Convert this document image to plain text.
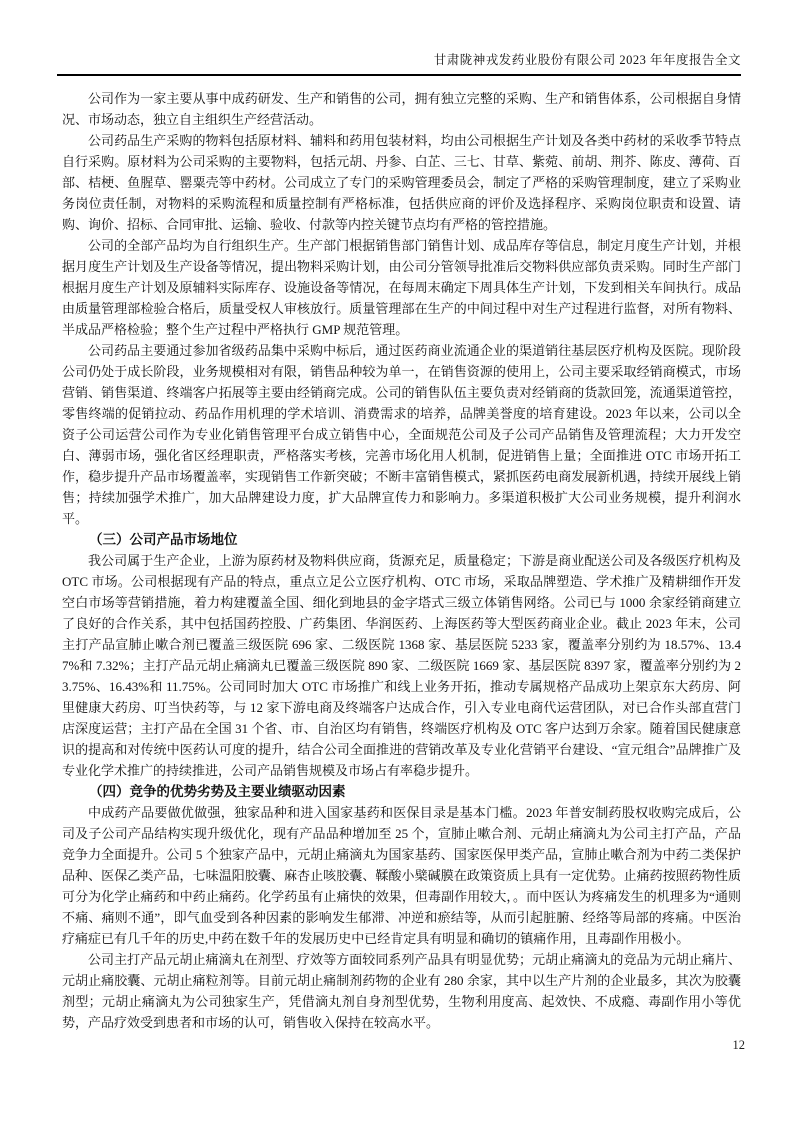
甘肃陇神戎发药业股份有限公司 2023 年年度报告全文

公司作为一家主要从事中成药研发、生产和销售的公司，拥有独立完整的采购、生产和销售体系，公司根据自身情况、市场动态，独立自主组织生产经营活动。

公司药品生产采购的物料包括原材料、辅料和药用包装材料，均由公司根据生产计划及各类中药材的采收季节特点自行采购。原材料为公司采购的主要物料，包括元胡、丹参、白芷、三七、甘草、紫菀、前胡、荆芥、陈皮、薄荷、百部、桔梗、鱼腥草、罂粟壳等中药材。公司成立了专门的采购管理委员会，制定了严格的采购管理制度，建立了采购业务岗位责任制，对物料的采购流程和质量控制有严格标准，包括供应商的评价及选择程序、采购岗位职责和设置、请购、询价、招标、合同审批、运输、验收、付款等内控关键节点均有严格的管控措施。

公司的全部产品均为自行组织生产。生产部门根据销售部门销售计划、成品库存等信息，制定月度生产计划，并根据月度生产计划及生产设备等情况，提出物料采购计划，由公司分管领导批准后交物料供应部负责采购。同时生产部门根据月度生产计划及原辅料实际库存、设施设备等情况，在每周末确定下周具体生产计划，下发到相关车间执行。成品由质量管理部检验合格后，质量受权人审核放行。质量管理部在生产的中间过程中对生产过程进行监督，对所有物料、半成品严格检验；整个生产过程中严格执行 GMP 规范管理。

公司药品主要通过参加省级药品集中采购中标后，通过医药商业流通企业的渠道销往基层医疗机构及医院。现阶段公司仍处于成长阶段，业务规模相对有限，销售品种较为单一，在销售资源的使用上，公司主要采取经销商模式，市场营销、销售渠道、终端客户拓展等主要由经销商完成。公司的销售队伍主要负责对经销商的货款回笼，流通渠道管控，零售终端的促销拉动、药品作用机理的学术培训、消费需求的培养，品牌美誉度的培育建设。2023 年以来，公司以全资子公司运营公司作为专业化销售管理平台成立销售中心，全面规范公司及子公司产品销售及管理流程；大力开发空白、薄弱市场，强化省区经理职责，严格落实考核，完善市场化用人机制，促进销售上量；全面推进 OTC 市场开拓工作，稳步提升产品市场覆盖率，实现销售工作新突破；不断丰富销售模式，紧抓医药电商发展新机遇，持续开展线上销售；持续加强学术推广，加大品牌建设力度，扩大品牌宣传力和影响力。多渠道积极扩大公司业务规模，提升利润水平。

（三）公司产品市场地位

我公司属于生产企业，上游为原药材及物料供应商，货源充足，质量稳定；下游是商业配送公司及各级医疗机构及OTC 市场。公司根据现有产品的特点，重点立足公立医疗机构、OTC 市场，采取品牌塑造、学术推广及精耕细作开发空白市场等营销措施，着力构建覆盖全国、细化到地县的金字塔式三级立体销售网络。公司已与 1000 余家经销商建立了良好的合作关系，其中包括国药控股、广药集团、华润医药、上海医药等大型医药商业企业。截止 2023 年末，公司主打产品宣肺止嗽合剂已覆盖三级医院 696 家、二级医院 1368 家、基层医院 5233 家，覆盖率分别约为 18.57%、13.47%和 7.32%；主打产品元胡止痛滴丸已覆盖三级医院 890 家、二级医院 1669 家、基层医院 8397 家，覆盖率分别约为 23.75%、16.43%和 11.75%。公司同时加大 OTC 市场推广和线上业务开拓，推动专属规格产品成功上架京东大药房、阿里健康大药房、叮当快药等，与 12 家下游电商及终端客户达成合作，引入专业电商代运营团队，对已合作头部直营门店深度运营；主打产品在全国 31 个省、市、自治区均有销售，终端医疗机构及 OTC 客户达到万余家。随着国民健康意识的提高和对传统中医药认可度的提升，结合公司全面推进的营销改革及专业化营销平台建设、“宣元组合”品牌推广及专业化学术推广的持续推进，公司产品销售规模及市场占有率稳步提升。

（四）竞争的优势劣势及主要业绩驱动因素

中成药产品要做优做强，独家品种和进入国家基药和医保目录是基本门槛。2023 年普安制药股权收购完成后，公司及子公司产品结构实现升级优化，现有产品品种增加至 25 个，宣肺止嗽合剂、元胡止痛滴丸为公司主打产品，产品竞争力全面提升。公司 5 个独家产品中，元胡止痛滴丸为国家基药、国家医保甲类产品，宣肺止嗽合剂为中药二类保护品种、医保乙类产品，七味温阳胶囊、麻杏止咳胶囊、鞣酸小檗碱膜在政策资质上具有一定优势。止痛药按照药物性质可分为化学止痛药和中药止痛药。化学药虽有止痛快的效果，但毒副作用较大，。而中医认为疼痛发生的机理多为“通则不痛、痛则不通”，即气血受到各种因素的影响发生郁滞、冲逆和瘀结等，从而引起脏腑、经络等局部的疼痛。中医治疗痛症已有几千年的历史,中药在数千年的发展历史中已经肯定具有明显和确切的镇痛作用，且毒副作用极小。

公司主打产品元胡止痛滴丸在剂型、疗效等方面较同系列产品具有明显优势；元胡止痛滴丸的竞品为元胡止痛片、元胡止痛胶囊、元胡止痛粒剂等。目前元胡止痛制剂药物的企业有 280 余家，其中以生产片剂的企业最多，其次为胶囊剂型；元胡止痛滴丸为公司独家生产，凭借滴丸剂自身剂型优势，生物利用度高、起效快、不成瘾、毒副作用小等优势，产品疗效受到患者和市场的认可，销售收入保持在较高水平。

12
